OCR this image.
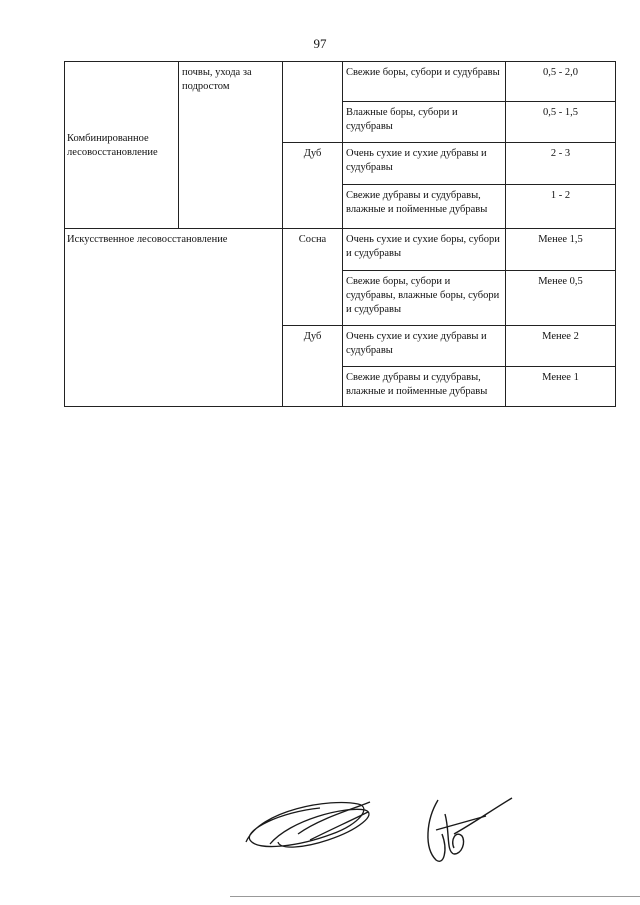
97
Комбинированное лесовосстановление	почвы, ухода за подростом		Свежие боры, субори и судубравы	0,5 - 2,0
			Влажные боры, субори и судубравы	0,5 - 1,5
		Дуб	Очень сухие и сухие дубравы и судубравы	2 - 3
			Свежие дубравы и судубравы, влажные и пойменные дубравы	1 - 2
Искусственное лесовосстановление		Сосна	Очень сухие и сухие боры, субори и судубравы	Менее 1,5
			Свежие боры, субори и судубравы, влажные боры, субори и судубравы	Менее 0,5
		Дуб	Очень сухие и сухие дубравы и судубравы	Менее 2
			Свежие дубравы и судубравы, влажные и пойменные дубравы	Менее 1
